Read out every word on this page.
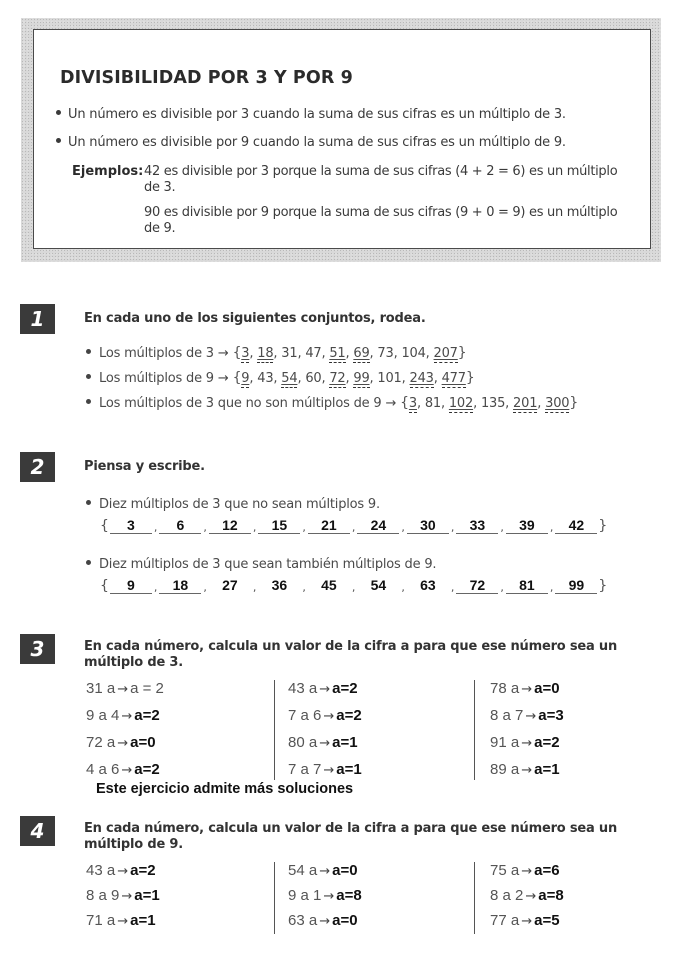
DIVISIBILIDAD POR 3 Y POR 9
Un número es divisible por 3 cuando la suma de sus cifras es un múltiplo de 3.
Un número es divisible por 9 cuando la suma de sus cifras es un múltiplo de 9.
Ejemplos: 42 es divisible por 3 porque la suma de sus cifras (4 + 2 = 6) es un múltiplo de 3.
90 es divisible por 9 porque la suma de sus cifras (9 + 0 = 9) es un múltiplo de 9.
1	En cada uno de los siguientes conjuntos, rodea.
Los múltiplos de 3 → {3, 18, 31, 47, 51, 69, 73, 104, 207}
Los múltiplos de 9 → {9, 43, 54, 60, 72, 99, 101, 243, 477}
Los múltiplos de 3 que no son múltiplos de 9 → {3, 81, 102, 135, 201, 300}
2	Piensa y escribe.
Diez múltiplos de 3 que no sean múltiplos 9.
{	3	,	6	,	12	,	15	,	21	,	24	,	30	,	33	,	39	,	42	}
Diez múltiplos de 3 que sean también múltiplos de 9.
{	9	,	18	,	27	,	36	,	45	,	54	,	63	,	72	,	81	,	99	}
3	En cada número, calcula un valor de la cifra a para que ese número sea un múltiplo de 3.
31 a → a = 2
9 a 4 → a=2
72 a → a=0
4 a 6 → a=2
43 a → a=2
7 a 6 → a=2
80 a → a=1
7 a 7 → a=1
78 a → a=0
8 a 7 → a=3
91 a → a=2
89 a → a=1
Este ejercicio admite más soluciones
4	En cada número, calcula un valor de la cifra a para que ese número sea un múltiplo de 9.
43 a → a=2
8 a 9 → a=1
71 a → a=1
54 a → a=0
9 a 1 → a=8
63 a → a=0
75 a → a=6
8 a 2 → a=8
77 a → a=5
